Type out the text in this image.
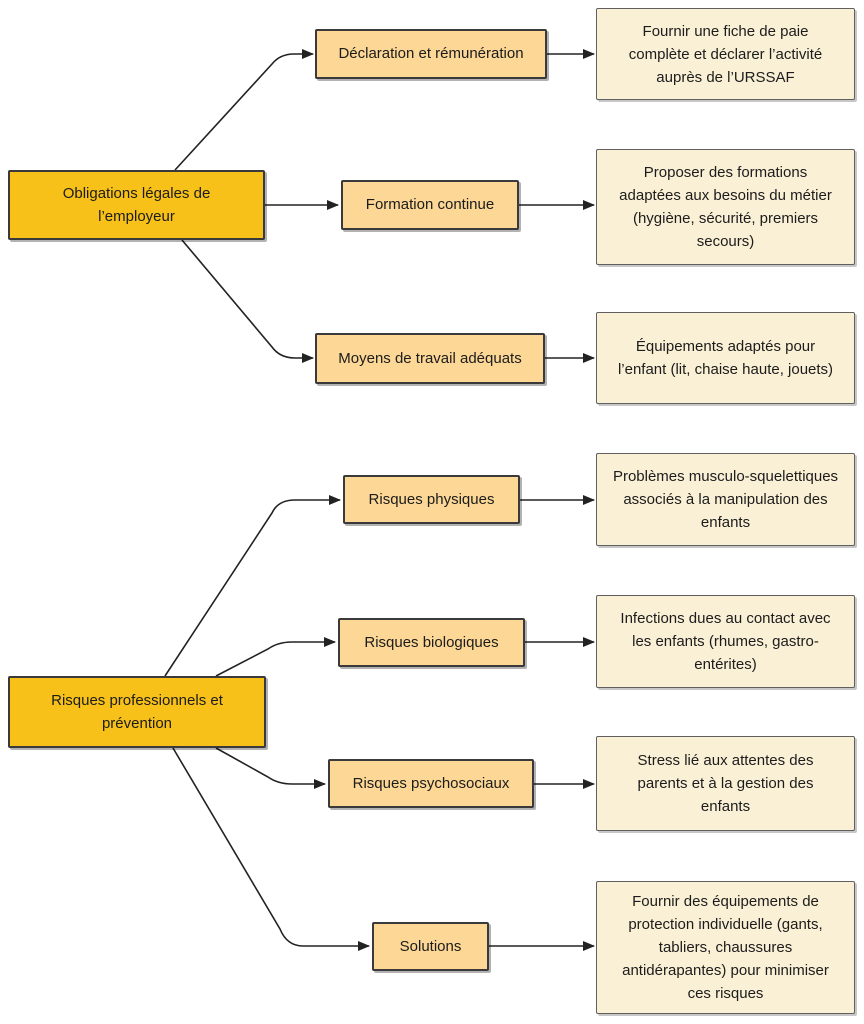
Obligations légales de l’employeur
Risques professionnels et prévention
Déclaration et rémunération
Formation continue
Moyens de travail adéquats
Risques physiques
Risques biologiques
Risques psychosociaux
Solutions
Fournir une fiche de paie complète et déclarer l’activité auprès de l’URSSAF
Proposer des formations adaptées aux besoins du métier (hygiène, sécurité, premiers secours)
Équipements adaptés pour l’enfant (lit, chaise haute, jouets)
Problèmes musculo-squelettiques associés à la manipulation des enfants
Infections dues au contact avec les enfants (rhumes, gastro-entérites)
Stress lié aux attentes des parents et à la gestion des enfants
Fournir des équipements de protection individuelle (gants, tabliers, chaussures antidérapantes) pour minimiser ces risques
